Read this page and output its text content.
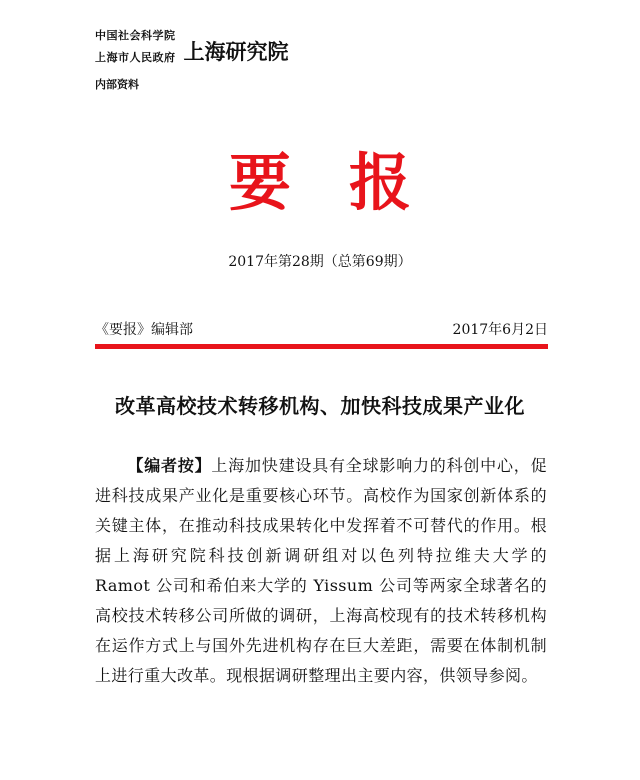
中国社会科学院
上海市人民政府 上海研究院
内部资料
要报
2017年第28期（总第69期）
《要报》编辑部	2017年6月2日
改革高校技术转移机构、加快科技成果产业化
【编者按】上海加快建设具有全球影响力的科创中心，促进科技成果产业化是重要核心环节。高校作为国家创新体系的关键主体，在推动科技成果转化中发挥着不可替代的作用。根据上海研究院科技创新调研组对以色列特拉维夫大学的 Ramot 公司和希伯来大学的 Yissum 公司等两家全球著名的高校技术转移公司所做的调研，上海高校现有的技术转移机构在运作方式上与国外先进机构存在巨大差距，需要在体制机制上进行重大改革。现根据调研整理出主要内容，供领导参阅。
